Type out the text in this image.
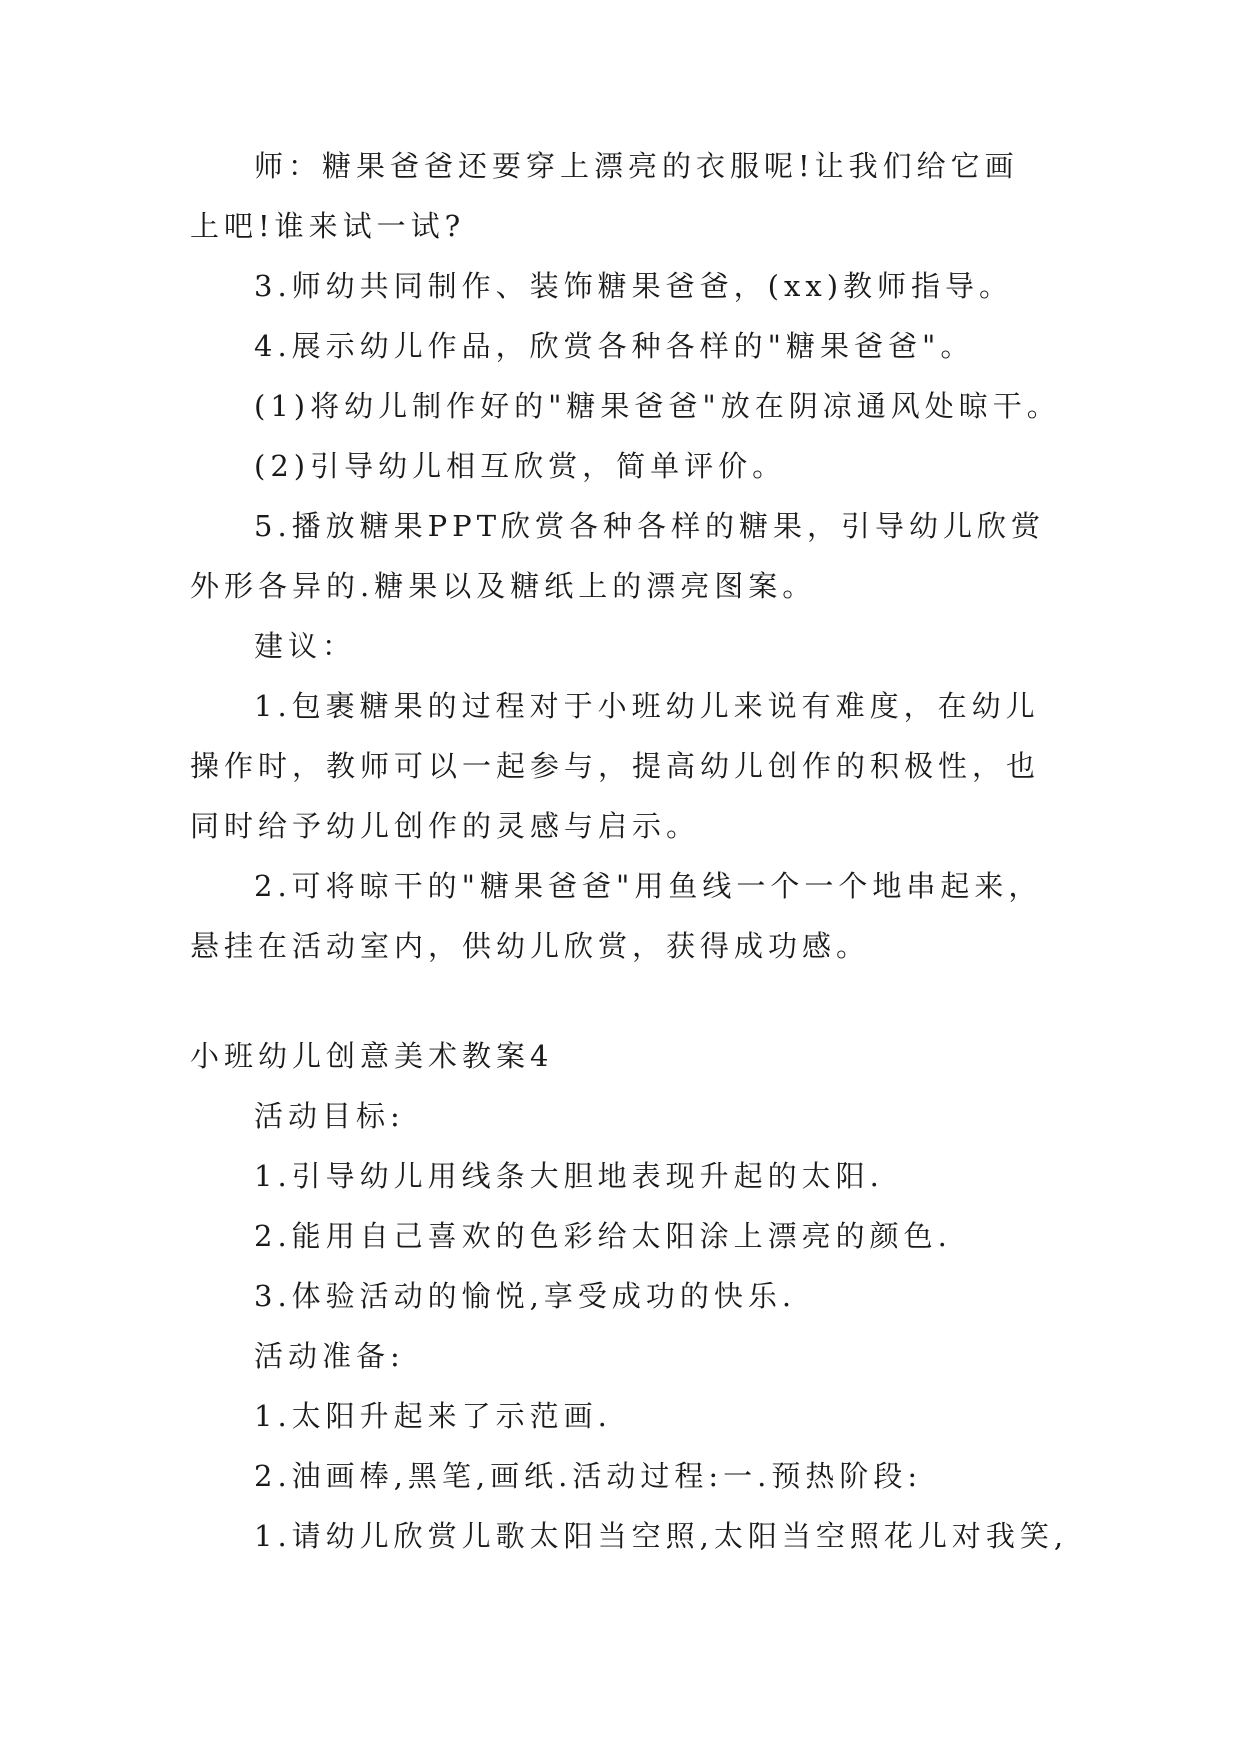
师：糖果爸爸还要穿上漂亮的衣服呢!让我们给它画上吧!谁来试一试?

3.师幼共同制作、装饰糖果爸爸，(xx)教师指导。

4.展示幼儿作品，欣赏各种各样的"糖果爸爸"。

(1)将幼儿制作好的"糖果爸爸"放在阴凉通风处晾干。

(2)引导幼儿相互欣赏，简单评价。

5.播放糖果PPT欣赏各种各样的糖果，引导幼儿欣赏外形各异的.糖果以及糖纸上的漂亮图案。

建议：

1.包裹糖果的过程对于小班幼儿来说有难度，在幼儿操作时，教师可以一起参与，提高幼儿创作的积极性，也同时给予幼儿创作的灵感与启示。

2.可将晾干的"糖果爸爸"用鱼线一个一个地串起来，悬挂在活动室内，供幼儿欣赏，获得成功感。

小班幼儿创意美术教案4

活动目标:

1.引导幼儿用线条大胆地表现升起的太阳.

2.能用自己喜欢的色彩给太阳涂上漂亮的颜色.

3.体验活动的愉悦,享受成功的快乐.

活动准备:

1.太阳升起来了示范画.

2.油画棒,黑笔,画纸.活动过程:一.预热阶段:

1.请幼儿欣赏儿歌太阳当空照,太阳当空照花儿对我笑,
